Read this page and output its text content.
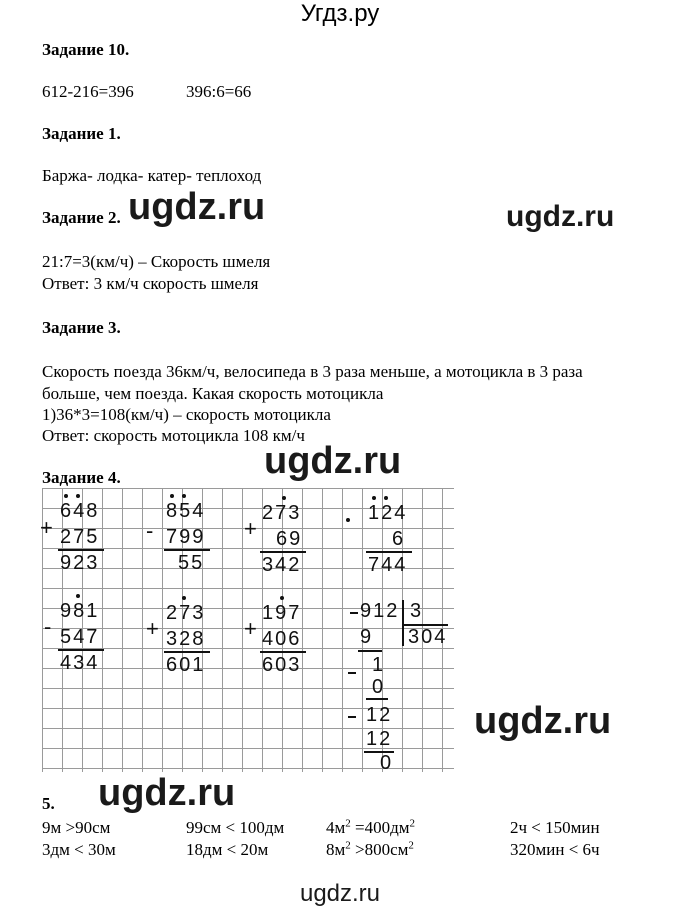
Угдз.ру
Задание 10.
612-216=396	396:6=66
Задание 1.
Баржа- лодка- катер- теплоход
ugdz.ru	ugdz.ru
Задание 2.
21:7=3(км/ч) – Скорость шмеля
Ответ: 3 км/ч скорость шмеля
Задание 3.
Скорость поезда 36км/ч, велосипеда в 3 раза меньше, а мотоцикла в 3 раза
больше, чем поезда. Какая скорость мотоцикла
1)36*3=108(км/ч) – скорость мотоцикла
Ответ: скорость мотоцикла 108 км/ч
ugdz.ru
Задание 4.
+
648
275
923
-
854
799
55
+
273
69
342
124
6
744
-
981
547
434
+
273
328
601
+
197
406
603
912 3
304
9
1
0
12
12
0
ugdz.ru
5. ugdz.ru
9м >90см	99см < 100дм $4м^2 =400дм^2$	2ч < 150мин
3дм < 30м	18дм < 20м	$8м^2 >800см^2$	320мин < 6ч
ugdz.ru
